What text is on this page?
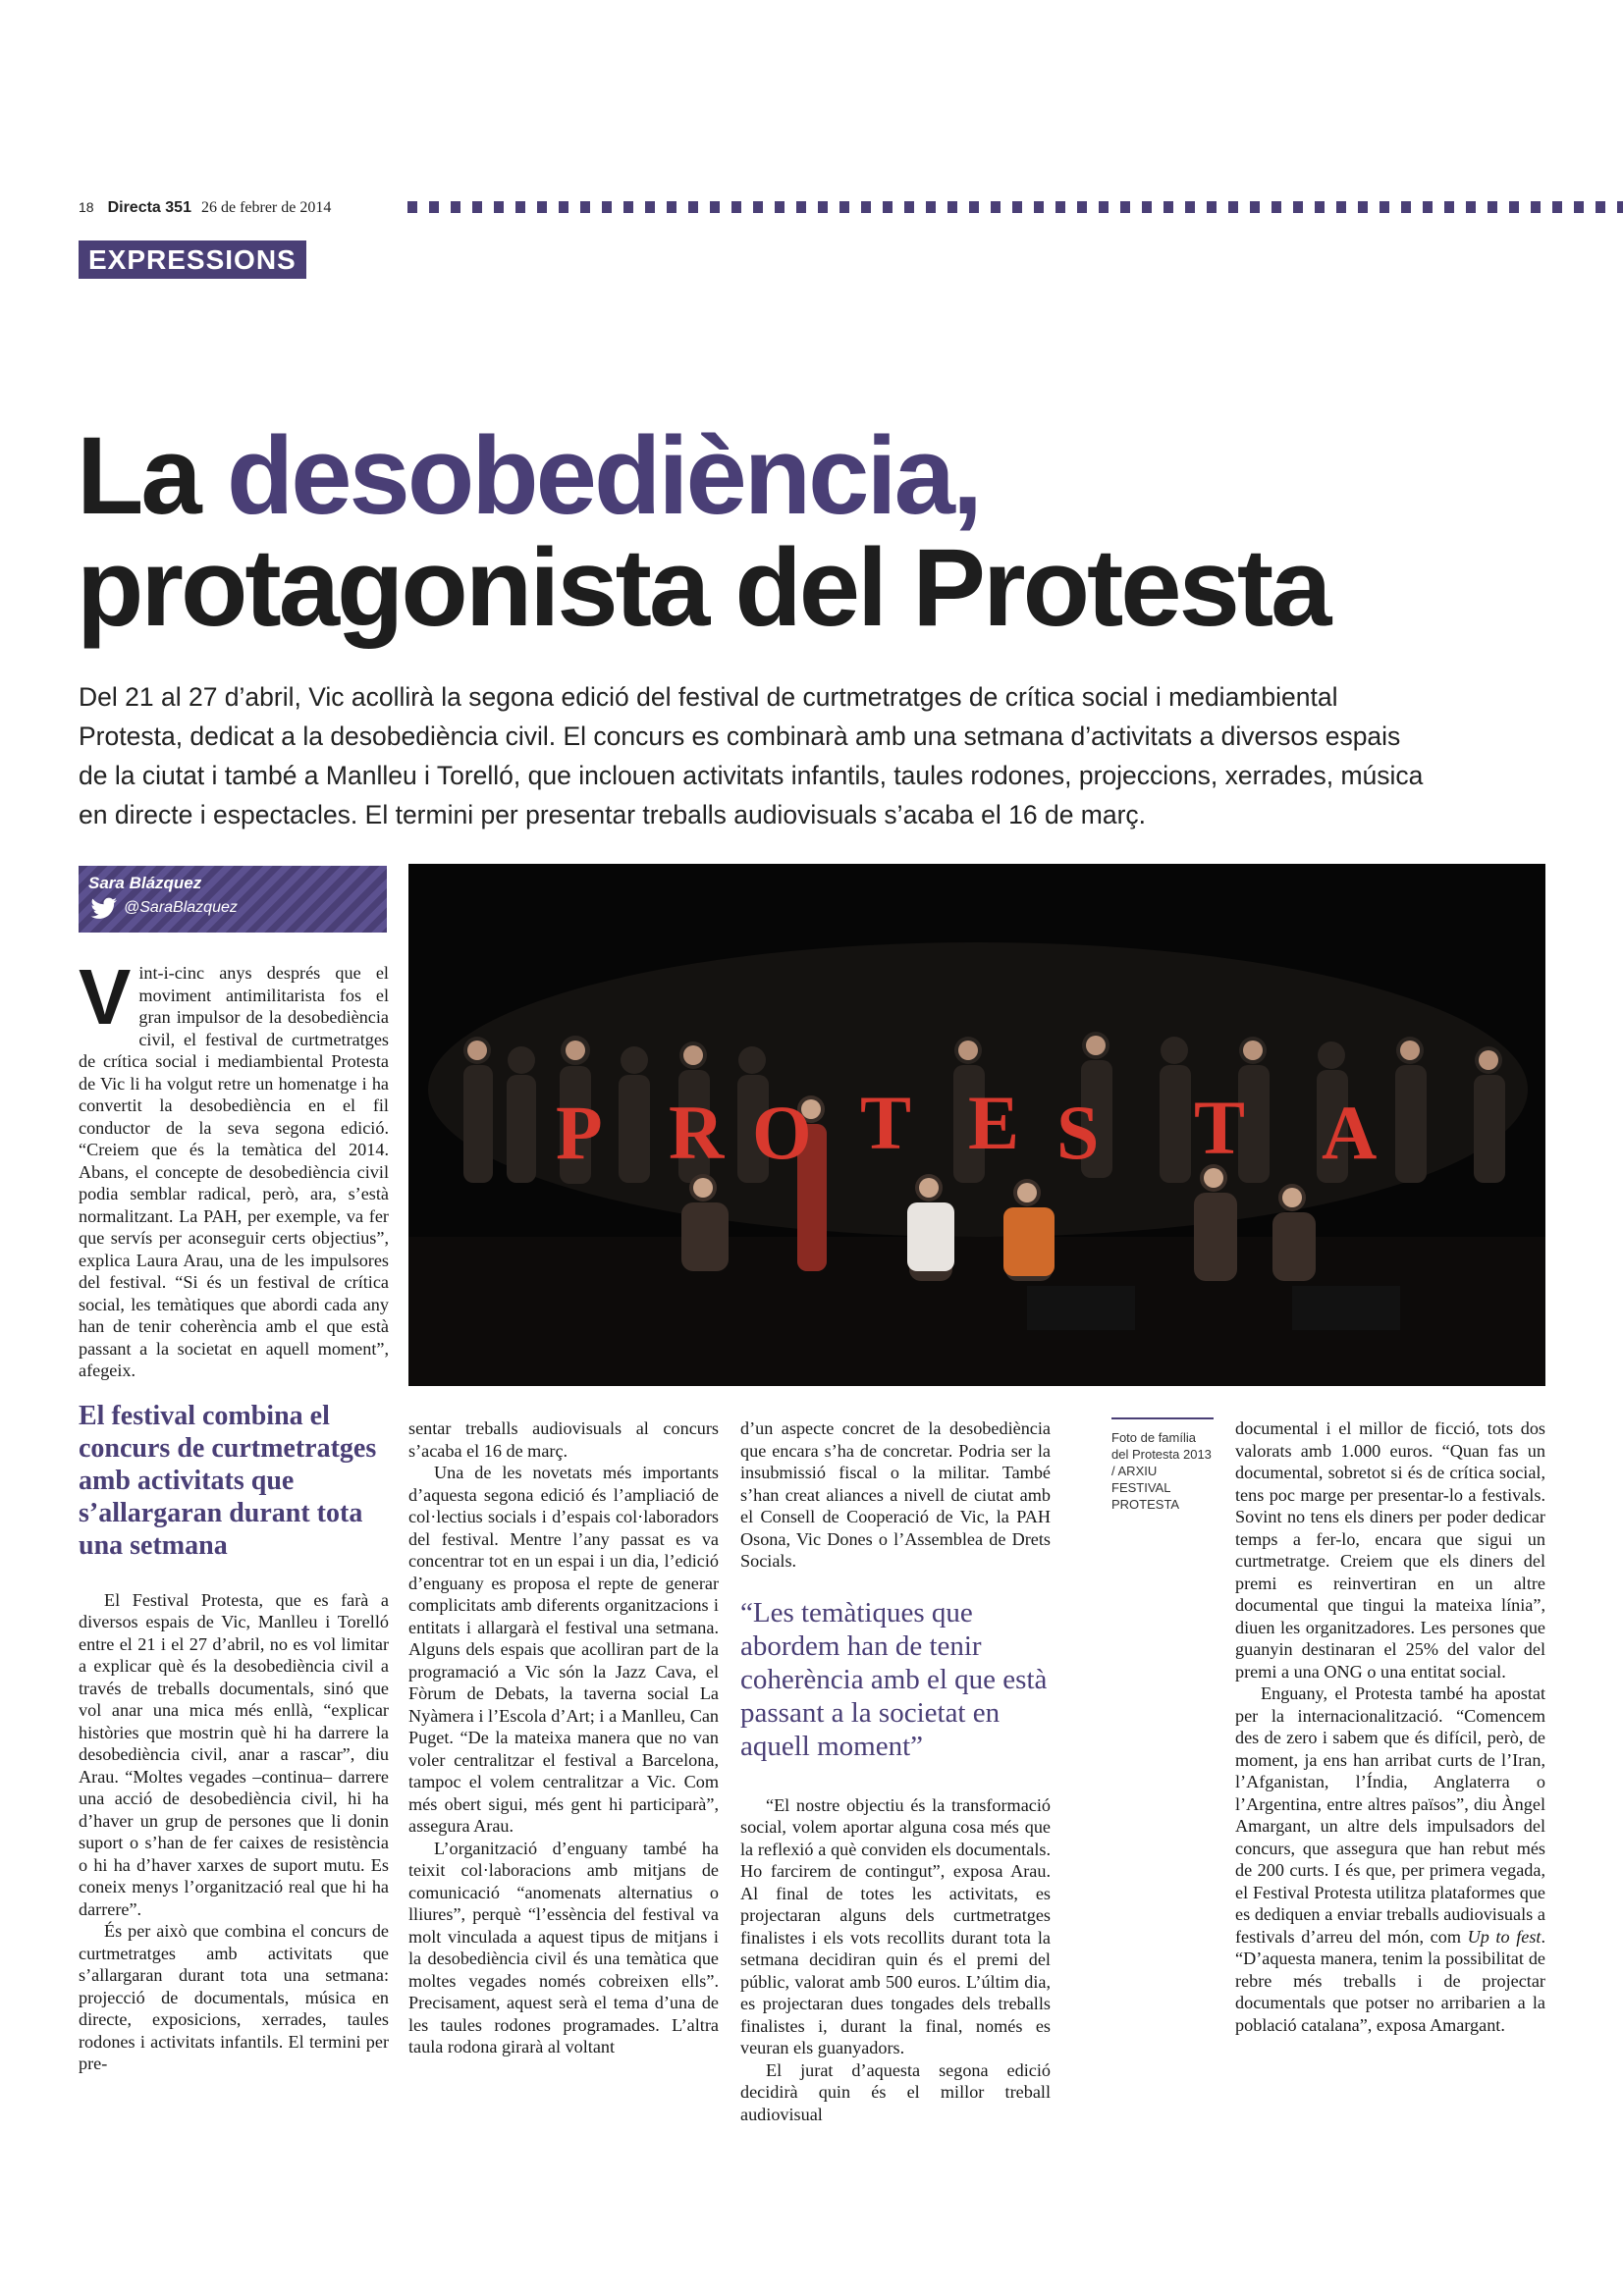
18 Directa 351 26 de febrer de 2014
EXPRESSIONS
La desobediència,
protagonista del Protesta
Del 21 al 27 d’abril, Vic acollirà la segona edició del festival de curtmetratges de crítica social i mediambiental Protesta, dedicat a la desobediència civil. El concurs es combinarà amb una setmana d’activitats a diversos espais de la ciutat i també a Manlleu i Torelló, que inclouen activitats infantils, taules rodones, projeccions, xerrades, música en directe i espectacles. El termini per presentar treballs audiovisuals s’acaba el 16 de març.
Sara Blázquez
@SaraBlazquez
P R O T E S T A
Foto de família del Protesta 2013 / ARXIU FESTIVAL PROTESTA

Vint-i-cinc anys després que el moviment antimilitarista fos el gran impulsor de la desobediència civil, el festival de curtmetratges de crítica social i mediambiental Protesta de Vic li ha volgut retre un homenatge i ha convertit la desobediència en el fil conductor de la seva segona edició. “Creiem que és la temàtica del 2014. Abans, el concepte de desobediència civil podia semblar radical, però, ara, s’està normalitzant. La PAH, per exemple, va fer que servís per aconseguir certs objectius”, explica Laura Arau, una de les impulsores del festival. “Si és un festival de crítica social, les temàtiques que abordi cada any han de tenir coherència amb el que està passant a la societat en aquell moment”, afegeix.

El festival combina el concurs de curtmetratges amb activitats que s’allargaran durant tota una setmana

El Festival Protesta, que es farà a diversos espais de Vic, Manlleu i Torelló entre el 21 i el 27 d’abril, no es vol limitar a explicar què és la desobediència civil a través de treballs documentals, sinó que vol anar una mica més enllà, “explicar històries que mostrin què hi ha darrere la desobediència civil, anar a rascar”, diu Arau. “Moltes vegades –continua– darrere una acció de desobediència civil, hi ha d’haver un grup de persones que li donin suport o s’han de fer caixes de resistència o hi ha d’haver xarxes de suport mutu. Es coneix menys l’organització real que hi ha darrere”.

És per això que combina el concurs de curtmetratges amb activitats que s’allargaran durant tota una setmana: projecció de documentals, música en directe, exposicions, xerrades, taules rodones i activitats infantils. El termini per pre-

sentar treballs audiovisuals al concurs s’acaba el 16 de març.

Una de les novetats més importants d’aquesta segona edició és l’ampliació de col·lectius socials i d’espais col·laboradors del festival. Mentre l’any passat es va concentrar tot en un espai i un dia, l’edició d’enguany es proposa el repte de generar complicitats amb diferents organitzacions i entitats i allargarà el festival una setmana. Alguns dels espais que acolliran part de la programació a Vic són la Jazz Cava, el Fòrum de Debats, la taverna social La Nyàmera i l’Escola d’Art; i a Manlleu, Can Puget. “De la mateixa manera que no van voler centralitzar el festival a Barcelona, tampoc el volem centralitzar a Vic. Com més obert sigui, més gent hi participarà”, assegura Arau.

L’organització d’enguany també ha teixit col·laboracions amb mitjans de comunicació “anomenats alternatius o lliures”, perquè “l’essència del festival va molt vinculada a aquest tipus de mitjans i la desobediència civil és una temàtica que moltes vegades només cobreixen ells”. Precisament, aquest serà el tema d’una de les taules rodones programades. L’altra taula rodona girarà al voltant

d’un aspecte concret de la desobediència que encara s’ha de concretar. Podria ser la insubmissió fiscal o la militar. També s’han creat aliances a nivell de ciutat amb el Consell de Cooperació de Vic, la PAH Osona, Vic Dones o l’Assemblea de Drets Socials.

“Les temàtiques que abordem han de tenir coherència amb el que està passant a la societat en aquell moment”

“El nostre objectiu és la transformació social, volem aportar alguna cosa més que la reflexió a què conviden els documentals. Ho farcirem de contingut”, exposa Arau. Al final de totes les activitats, es projectaran alguns dels curtmetratges finalistes i els vots recollits durant tota la setmana decidiran quin és el premi del públic, valorat amb 500 euros. L’últim dia, es projectaran dues tongades dels treballs finalistes i, durant la final, només es veuran els guanyadors.

El jurat d’aquesta segona edició decidirà quin és el millor treball audiovisual

documental i el millor de ficció, tots dos valorats amb 1.000 euros. “Quan fas un documental, sobretot si és de crítica social, tens poc marge per presentar-lo a festivals. Sovint no tens els diners per poder dedicar temps a fer-lo, encara que sigui un curtmetratge. Creiem que els diners del premi es reinvertiran en un altre documental que tingui la mateixa línia”, diuen les organitzadores. Les persones que guanyin destinaran el 25% del valor del premi a una ONG o una entitat social.

Enguany, el Protesta també ha apostat per la internacionalització. “Comencem des de zero i sabem que és difícil, però, de moment, ja ens han arribat curts de l’Iran, l’Afganistan, l’Índia, Anglaterra o l’Argentina, entre altres països”, diu Àngel Amargant, un altre dels impulsadors del concurs, que assegura que han rebut més de 200 curts. I és que, per primera vegada, el Festival Protesta utilitza plataformes que es dediquen a enviar treballs audiovisuals a festivals d’arreu del món, com Up to fest. “D’aquesta manera, tenim la possibilitat de rebre més treballs i de projectar documentals que potser no arribarien a la població catalana”, exposa Amargant.
